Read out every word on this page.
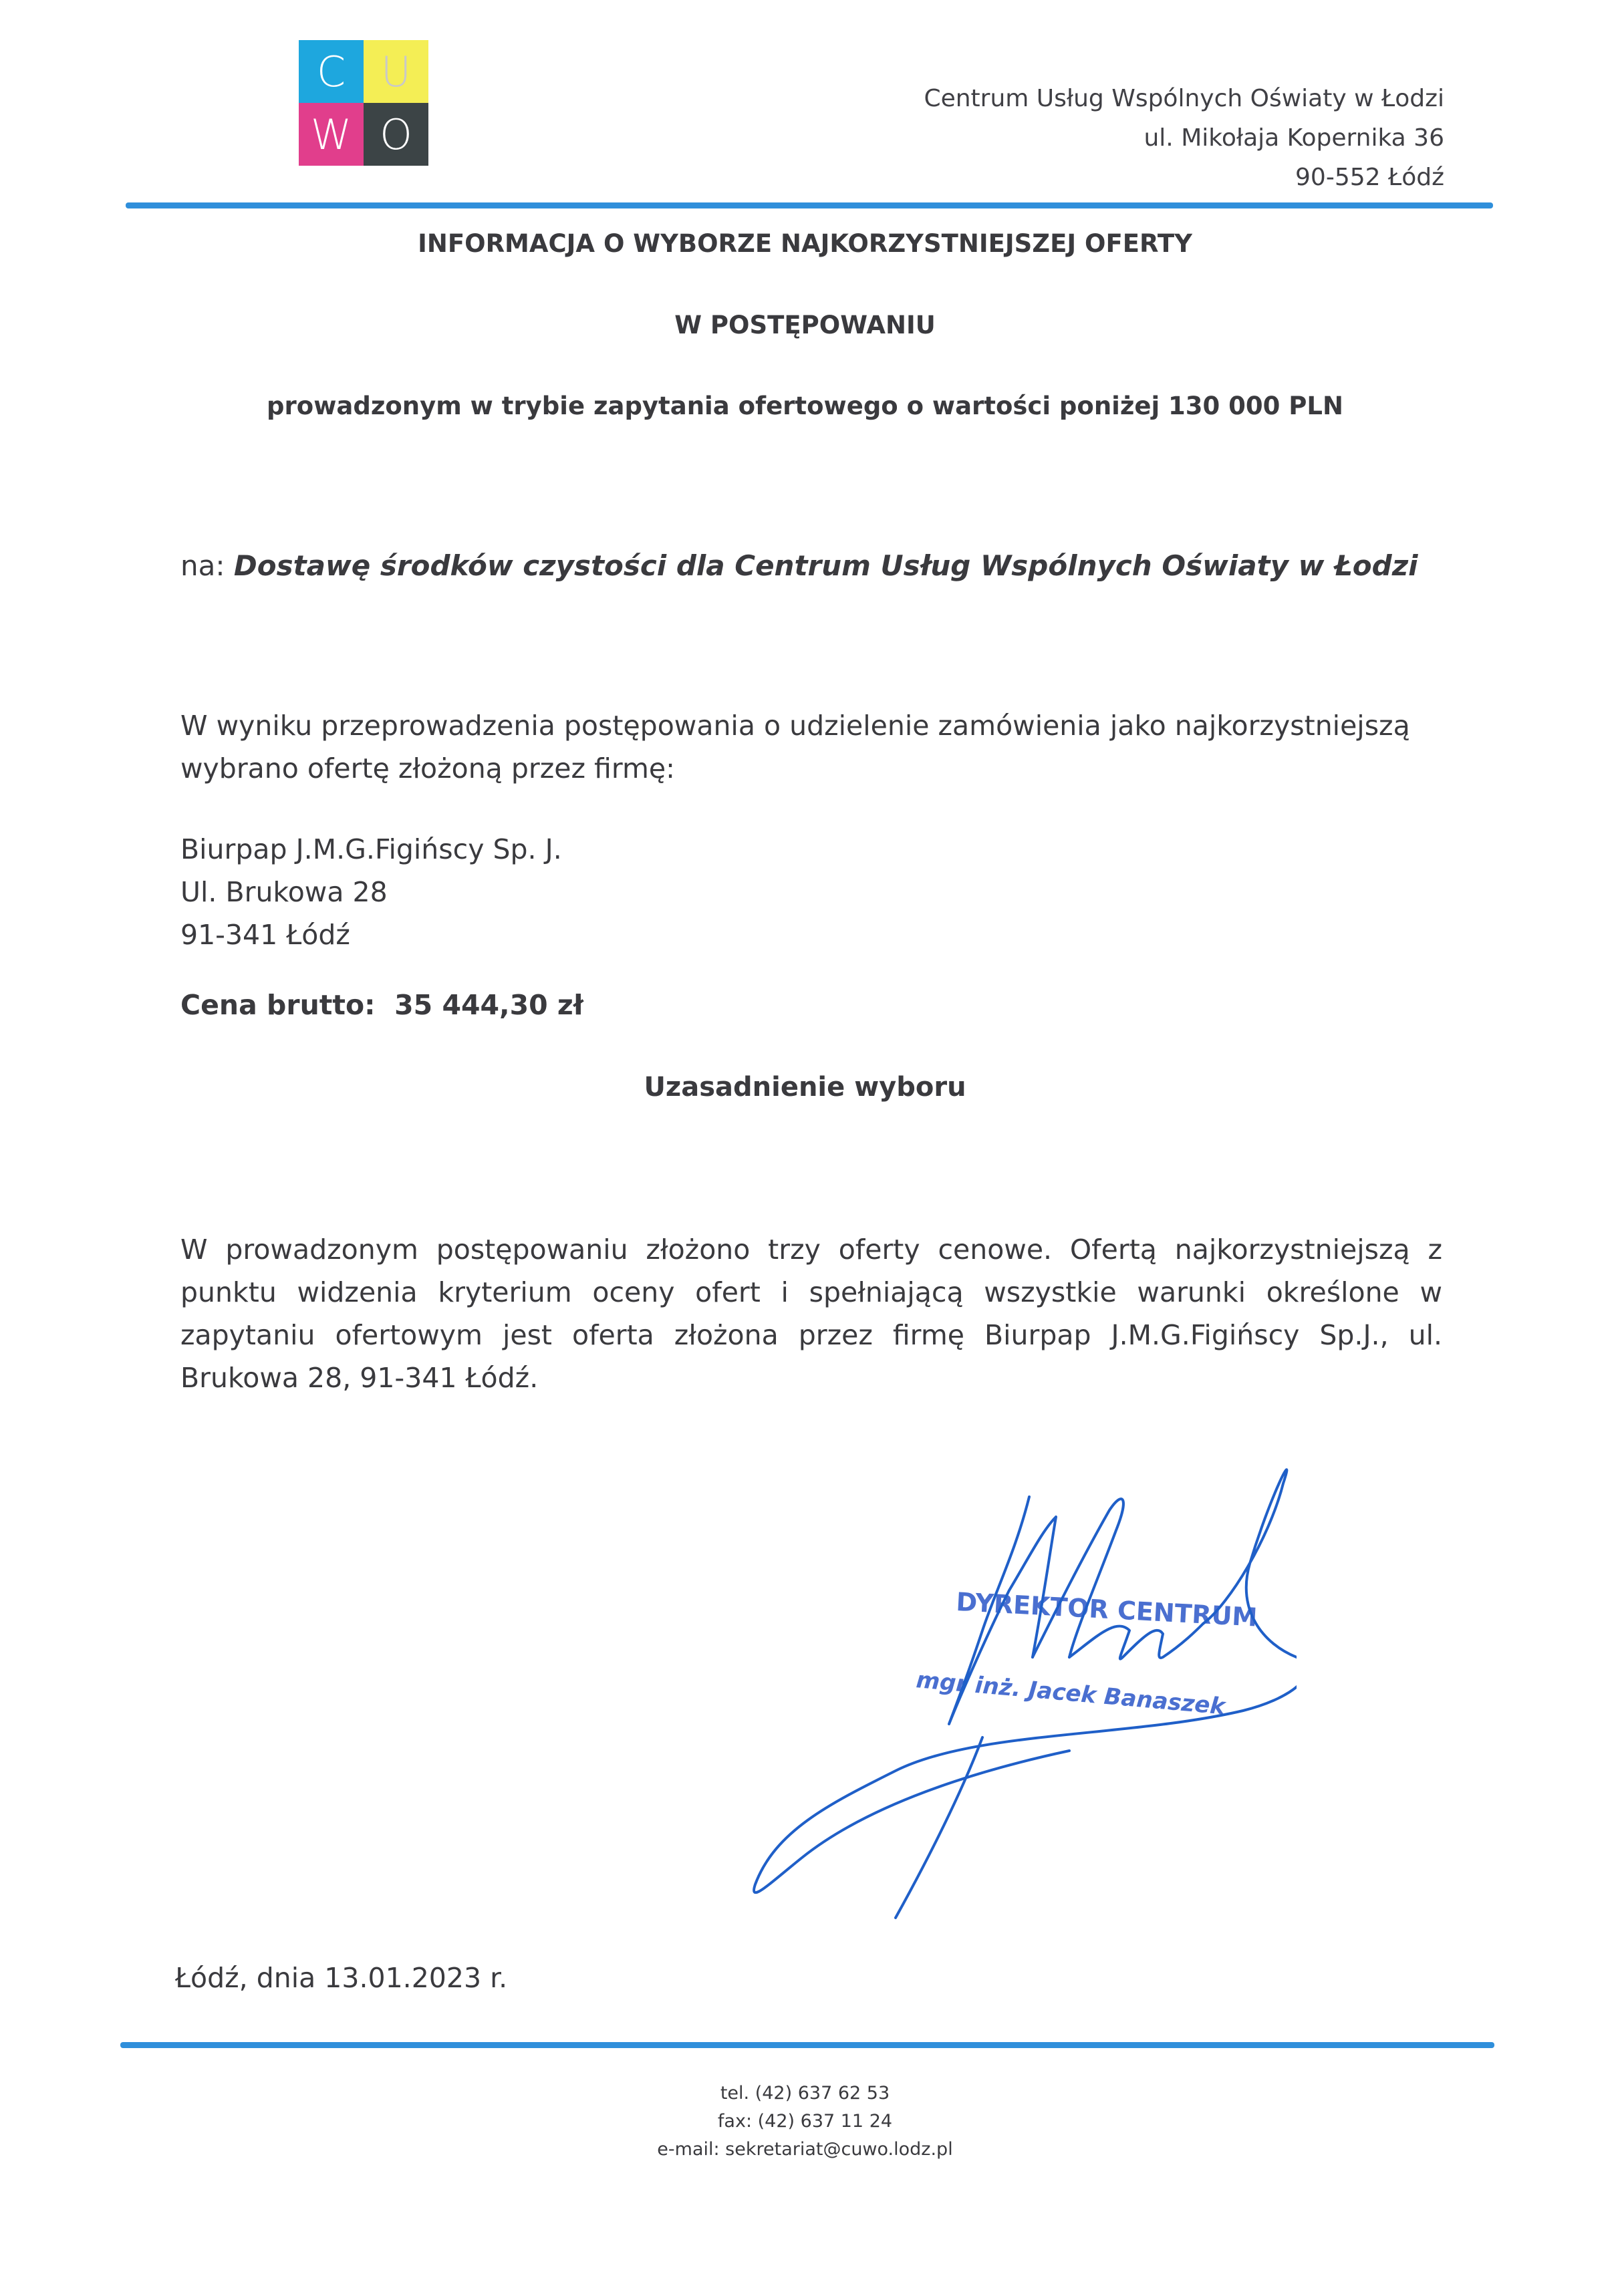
C U
W O
Centrum Usług Wspólnych Oświaty w Łodzi
ul. Mikołaja Kopernika 36
90-552 Łódź
INFORMACJA O WYBORZE NAJKORZYSTNIEJSZEJ OFERTY
W POSTĘPOWANIU
prowadzonym w trybie zapytania ofertowego o wartości poniżej 130 000 PLN
na: Dostawę środków czystości dla Centrum Usług Wspólnych Oświaty w Łodzi
W wyniku przeprowadzenia postępowania o udzielenie zamówienia jako najkorzystniejszą wybrano ofertę złożoną przez firmę:
Biurpap J.M.G.Figińscy Sp. J.
Ul. Brukowa 28
91-341 Łódź
Cena brutto: 35 444,30 zł
Uzasadnienie wyboru
W prowadzonym postępowaniu złożono trzy oferty cenowe. Ofertą najkorzystniejszą z punktu widzenia kryterium oceny ofert i spełniającą wszystkie warunki określone w zapytaniu ofertowym jest oferta złożona przez firmę Biurpap J.M.G.Figińscy Sp.J., ul. Brukowa 28, 91-341 Łódź.
DYREKTOR CENTRUM
mgr inż. Jacek Banaszek
Łódź, dnia 13.01.2023 r.
tel. (42) 637 62 53
fax: (42) 637 11 24
e-mail: sekretariat@cuwo.lodz.pl
